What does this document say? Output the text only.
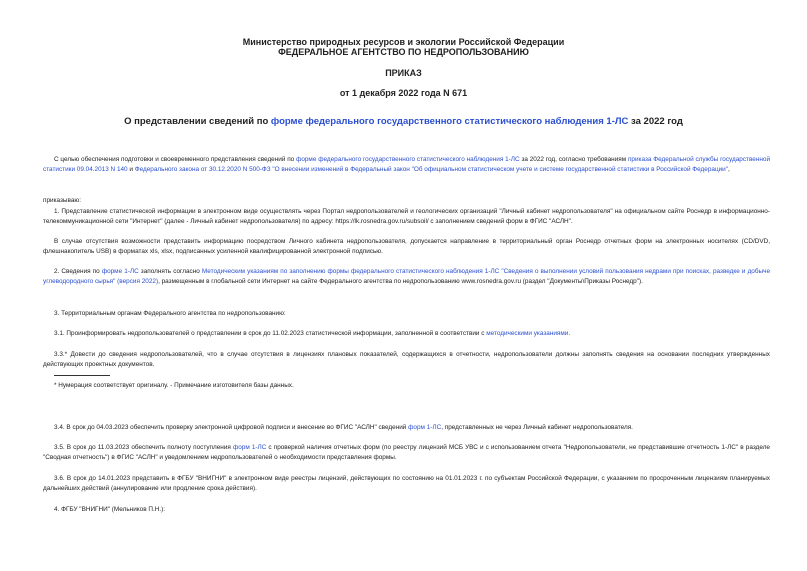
Министерство природных ресурсов и экологии Российской Федерации
ФЕДЕРАЛЬНОЕ АГЕНТСТВО ПО НЕДРОПОЛЬЗОВАНИЮ
ПРИКАЗ
от 1 декабря 2022 года N 671
О представлении сведений по форме федерального государственного статистического наблюдения 1-ЛС за 2022 год
С целью обеспечения подготовки и своевременного представления сведений по форме федерального государственного статистического наблюдения 1-ЛС за 2022 год, согласно требованиям приказа Федеральной службы государственной статистики 09.04.2013 N 140 и Федерального закона от 30.12.2020 N 500-ФЗ "О внесении изменений в Федеральный закон "Об официальном статистическом учете и системе государственной статистики в Российской Федерации",
приказываю:
1. Представление статистической информации в электронном виде осуществлять через Портал недропользователей и геологических организаций "Личный кабинет недропользователя" на официальном сайте Роснедр в информационно-телекоммуникационной сети "Интернет" (далее - Личный кабинет недропользователя) по адресу: https://lk.rosnedra.gov.ru/subsoil/ с заполнением сведений форм в ФГИС "АСЛН".
В случае отсутствия возможности представить информацию посредством Личного кабинета недропользователя, допускается направление в территориальный орган Роснедр отчетных форм на электронных носителях (CD/DVD, флешнакопитель USB) в форматах xls, xlsx, подписанных усиленной квалифицированной электронной подписью.
2. Сведения по форме 1-ЛС заполнять согласно Методическим указаниям по заполнению формы федерального статистического наблюдения 1-ЛС "Сведения о выполнении условий пользования недрами при поисках, разведке и добыче углеводородного сырья" (версия 2022), размещенным в глобальной сети Интернет на сайте Федерального агентства по недропользованию www.rosnedra.gov.ru (раздел "Документы\Приказы Роснедр").
3. Территориальным органам Федерального агентства по недропользованию:
3.1. Проинформировать недропользователей о представлении в срок до 11.02.2023 статистической информации, заполненной в соответствии с методическими указаниями.
3.3.* Довести до сведения недропользователей, что в случае отсутствия в лицензиях плановых показателей, содержащихся в отчетности, недропользователи должны заполнять сведения на основании последних утвержденных действующих проектных документов.
* Нумерация соответствует оригиналу. - Примечание изготовителя базы данных.
3.4. В срок до 04.03.2023 обеспечить проверку электронной цифровой подписи и внесение во ФГИС "АСЛН" сведений форм 1-ЛС, представленных не через Личный кабинет недропользователя.
3.5. В срок до 11.03.2023 обеспечить полноту поступления форм 1-ЛС с проверкой наличия отчетных форм (по реестру лицензий МСБ УВС и с использованием отчета "Недропользователи, не представившие отчетность 1-ЛС" в разделе "Сводная отчетность") в ФГИС "АСЛН" и уведомлением недропользователей о необходимости представления формы.
3.6. В срок до 14.01.2023 представить в ФГБУ "ВНИГНИ" в электронном виде реестры лицензий, действующих по состоянию на 01.01.2023 г. по субъектам Российской Федерации, с указанием по просроченным лицензиям планируемых дальнейших действий (аннулирование или продление срока действия).
4. ФГБУ "ВНИГНИ" (Мельников П.Н.):
